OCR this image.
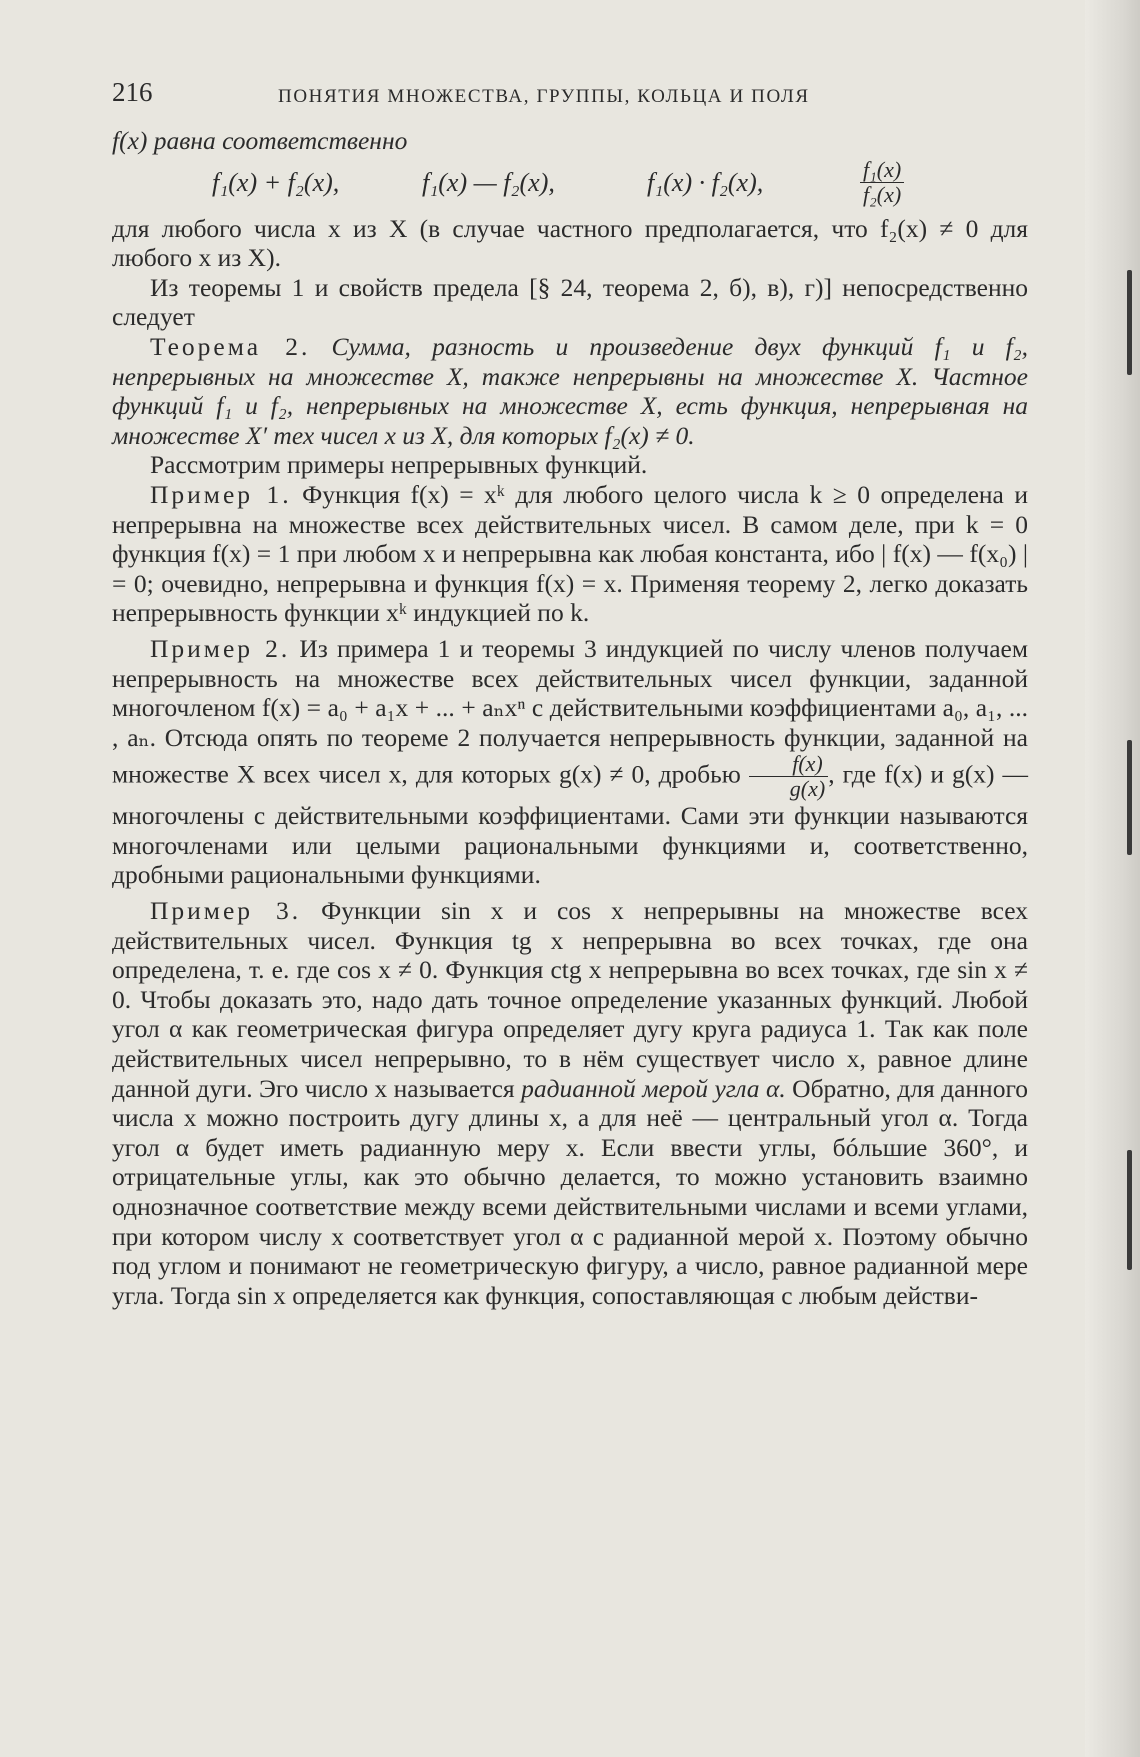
216	ПОНЯТИЯ МНОЖЕСТВА, ГРУППЫ, КОЛЬЦА И ПОЛЯ

f(x) равна соответственно

f₁(x) + f₂(x),	f₁(x) — f₂(x),	f₁(x) · f₂(x),	$\frac{\text{f₁(x)}}{\text{f₂(x)}}$

для любого числа x из X (в случае частного предполагается, что f₂(x) ≠ 0 для любого x из X).

Из теоремы 1 и свойств предела [§ 24, теорема 2, б), в), г)] непосредственно следует

Теорема 2. Сумма, разность и произведение двух функций f₁ и f₂, непрерывных на множестве X, также непрерывны на множестве X. Частное функций f₁ и f₂, непрерывных на множестве X, есть функция, непрерывная на множестве X′ тех чисел x из X, для которых f₂(x) ≠ 0.

Рассмотрим примеры непрерывных функций.

Пример 1. Функция f(x) = xᵏ для любого целого числа k ≥ 0 определена и непрерывна на множестве всех действительных чисел. В самом деле, при k = 0 функция f(x) = 1 при любом x и непрерывна как любая константа, ибо | f(x) — f(x₀) | = 0; очевидно, непрерывна и функция f(x) = x. Применяя теорему 2, легко доказать непрерывность функции xᵏ индукцией по k.

Пример 2. Из примера 1 и теоремы 3 индукцией по числу членов получаем непрерывность на множестве всех действительных чисел функции, заданной многочленом f(x) = a₀ + a₁x + ... + aₙxⁿ с действительными коэффициентами a₀, a₁, ... , aₙ. Отсюда опять по теореме 2 получается непрерывность функции, заданной на множестве X всех чисел x, для которых g(x) ≠ 0, дробью $\frac{f(x)}{g(x)}$ , где f(x) и g(x) — многочлены с действительными коэффициентами. Сами эти функции называются многочленами или целыми рациональными функциями и, соответственно, дробными рациональными функциями.

Пример 3. Функции sin x и cos x непрерывны на множестве всех действительных чисел. Функция tg x непрерывна во всех точках, где она определена, т. е. где cos x ≠ 0. Функция ctg x непрерывна во всех точках, где sin x ≠ 0. Чтобы доказать это, надо дать точное определение указанных функций. Любой угол α как геометрическая фигура определяет дугу круга радиуса 1. Так как поле действительных чисел непрерывно, то в нём существует число x, равное длине данной дуги. Эго число x называется радианной мерой угла α. Обратно, для данного числа x можно построить дугу длины x, а для неё — центральный угол α. Тогда угол α будет иметь радианную меру x. Если ввести углы, бóльшие 360°, и отрицательные углы, как это обычно делается, то можно установить взаимно однозначное соответствие между всеми действительными числами и всеми углами, при котором числу x соответствует угол α с радианной мерой x. Поэтому обычно под углом и понимают не геометрическую фигуру, а число, равное радианной мере угла. Тогда sin x определяется как функция, сопоставляющая с любым действи-
